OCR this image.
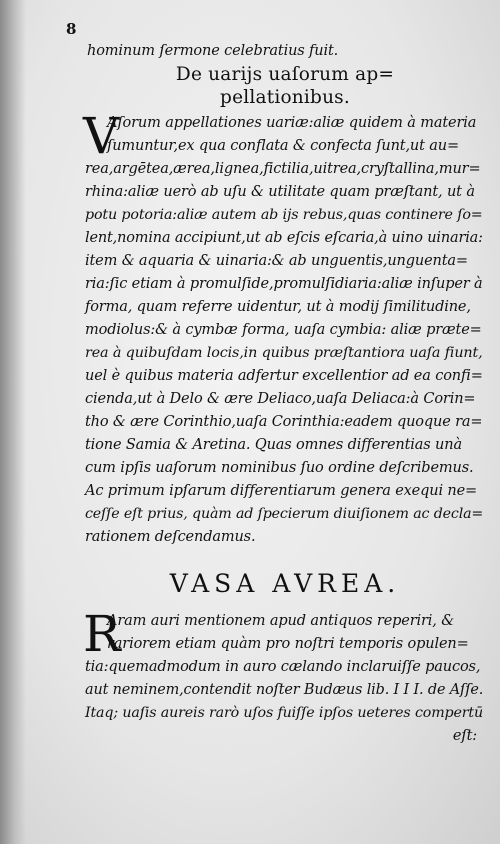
8
hominum ſermone celebratius fuit.
De uarijs uaſorum ap=
pellationibus.
V
Aſorum appellationes uariæ:aliæ quidem à materia
ſumuntur,ex qua conflata & confecta ſunt,ut au=
rea,argētea,ærea,lignea,fictilia,uitrea,cryſtallina,mur=
rhina:aliæ uerò ab uſu & utilitate quam præſtant, ut à
potu potoria:aliæ autem ab ijs rebus,quas continere ſo=
lent,nomina accipiunt,ut ab eſcis eſcaria,à uino uinaria:
item & aquaria & uinaria:& ab unguentis,unguenta=
ria:ſic etiam à promulſide,promulſidiaria:aliæ inſuper à
forma, quam referre uidentur, ut à modij ſimilitudine,
modiolus:& à cymbæ forma, uaſa cymbia: aliæ præte=
rea à quibuſdam locis,in quibus præſtantiora uaſa fiunt,
uel è quibus materia adfertur excellentior ad ea confi=
cienda,ut à Delo & ære Deliaco,uaſa Deliaca:à Corin=
tho & ære Corinthio,uaſa Corinthia:eadem quoque ra=
tione Samia & Aretina. Quas omnes differentias unà
cum ipſis uaſorum nominibus ſuo ordine deſcribemus.
Ac primum ipſarum differentiarum genera exequi ne=
ceſſe eſt prius, quàm ad ſpecierum diuiſionem ac decla=
rationem deſcendamus.
VASA AVREA.
R
Aram auri mentionem apud antiquos reperiri, &
rariorem etiam quàm pro noſtri temporis opulen=
tia:quemadmodum in auro cælando inclaruiſſe paucos,
aut neminem,contendit noſter Budæus lib. I I I. de Aſſe.
Itaq; uaſis aureis rarò uſos fuiſſe ipſos ueteres compertū
eſt:
